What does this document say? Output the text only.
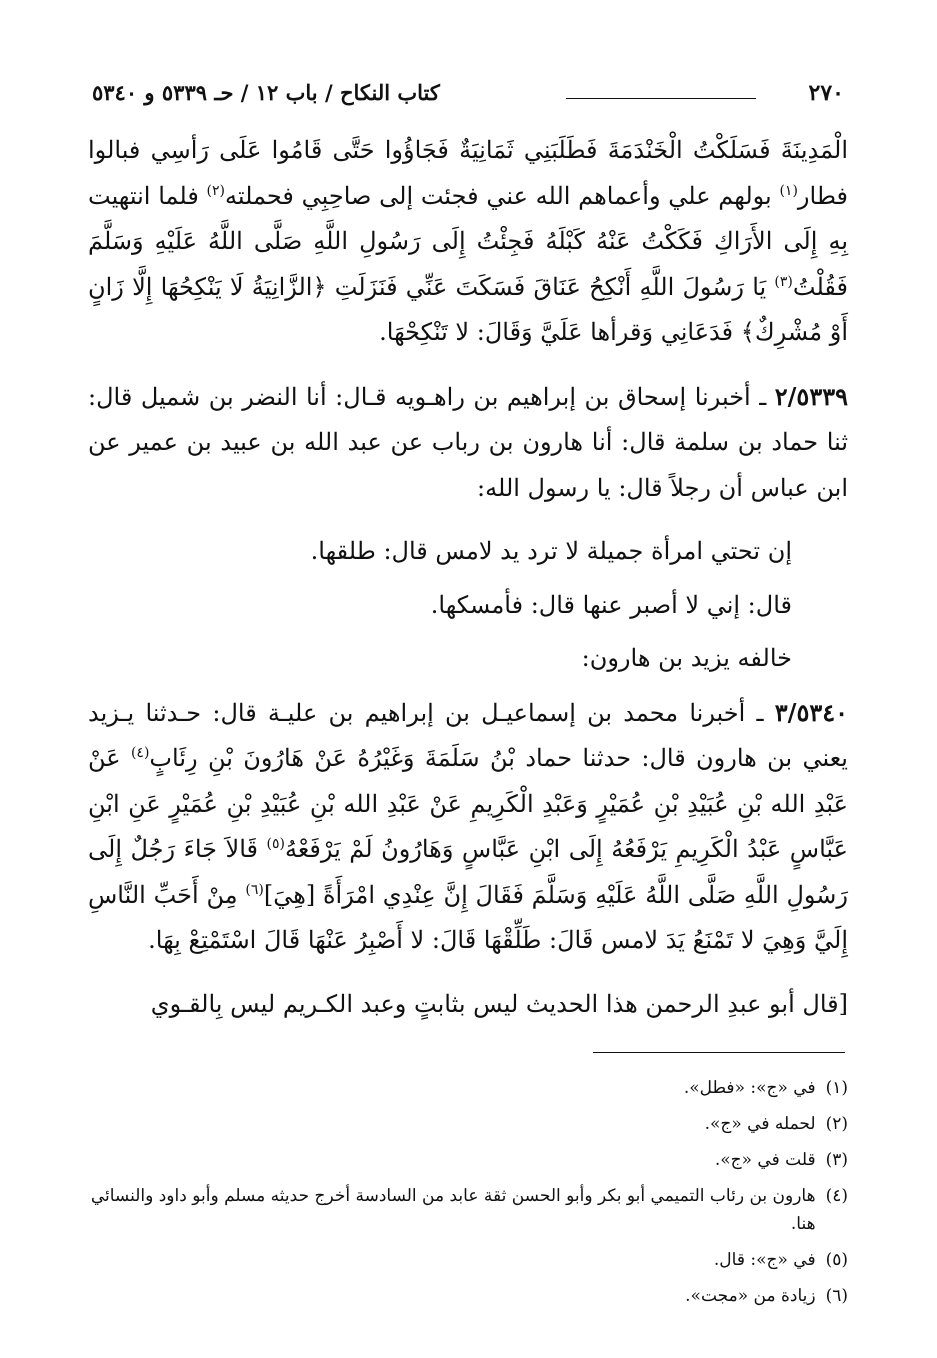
٢٧٠
كتاب النكاح / باب ١٢ / حـ ٥٣٣٩ و ٥٣٤٠

الْمَدِينَةَ فَسَلَكْتُ الْخَنْدَمَةَ فَطَلَبَنِي ثَمَانِيَةٌ فَجَاؤُوا حَتَّى قَامُوا عَلَى رَأسِي فبالوا فطار$^{(١)}$ بولهم علي وأعماهم الله عني فجئت إلى صاحِبِي فحملته$^{(٢)}$ فلما انتهيت بِهِ إِلَى الأَرَاكِ فَكَكْتُ عَنْهُ كَبْلَهُ فَجِئْتُ إِلَى رَسُولِ اللَّهِ صَلَّى اللَّهُ عَلَيْهِ وَسَلَّمَ فَقُلْتُ$^{(٣)}$ يَا رَسُولَ اللَّهِ أَنْكِحُ عَنَاقَ فَسَكَتَ عَنِّي فَنَزَلَتِ ﴿الزَّانِيَةُ لَا يَنْكِحُهَا إِلَّا زَانٍ أَوْ مُشْرِكٌ﴾ فَدَعَانِي وَقرأها عَلَيَّ وَقَالَ: لا تَنْكِحْهَا.

٢/٥٣٣٩ ـ أخبرنا إسحاق بن إبراهيم بن راهـويه قـال: أنا النضر بن شميل قال: ثنا حماد بن سلمة قال: أنا هارون بن رباب عن عبد الله بن عبيد بن عمير عن ابن عباس أن رجلاً قال: يا رسول الله:

إن تحتي امرأة جميلة لا ترد يد لامس قال: طلقها.

قال: إني لا أصبر عنها قال: فأمسكها.

خالفه يزيد بن هارون:

٣/٥٣٤٠ ـ أخبرنا محمد بن إسماعيـل بن إبراهيم بن عليـة قال: حـدثنا يـزيد يعني بن هارون قال: حدثنا حماد بْنُ سَلَمَةَ وَغَيْرُهُ عَنْ هَارُونَ بْنِ رِئَابٍ$^{(٤)}$ عَنْ عَبْدِ الله بْنِ عُبَيْدِ بْنِ عُمَيْرٍ وَعَبْدِ الْكَرِيمِ عَنْ عَبْدِ الله بْنِ عُبَيْدِ بْنِ عُمَيْرٍ عَنِ ابْنِ عَبَّاسٍ عَبْدُ الْكَرِيمِ يَرْفَعُهُ إِلَى ابْنِ عَبَّاسٍ وَهَارُونُ لَمْ يَرْفَعْهُ$^{(٥)}$ قَالاَ جَاءَ رَجُلٌ إِلَى رَسُولِ اللَّهِ صَلَّى اللَّهُ عَلَيْهِ وَسَلَّمَ فَقَالَ إِنَّ عِنْدِي امْرَأَةً [هِيَ]$^{(٦)}$ مِنْ أَحَبِّ النَّاسِ إِلَيَّ وَهِيَ لا تَمْنَعُ يَدَ لامس قَالَ: طَلِّقْهَا قَالَ: لا أَصْبِرُ عَنْهَا قَالَ اسْتَمْتِعْ بِهَا.

[قال أبو عبدِ الرحمن هذا الحديث ليس بثابتٍ وعبد الكـريم ليس بِالقـوي

(١)
في «ج»: «فطل».
(٢)
لحمله في «ج».
(٣)
قلت في «ج».
(٤)
هارون بن رئاب التميمي أبو بكر وأبو الحسن ثقة عابد من السادسة أخرج حديثه مسلم وأبو داود والنسائي هنا.
(٥)
في «ج»: قال.
(٦)
زيادة من «مجت».
